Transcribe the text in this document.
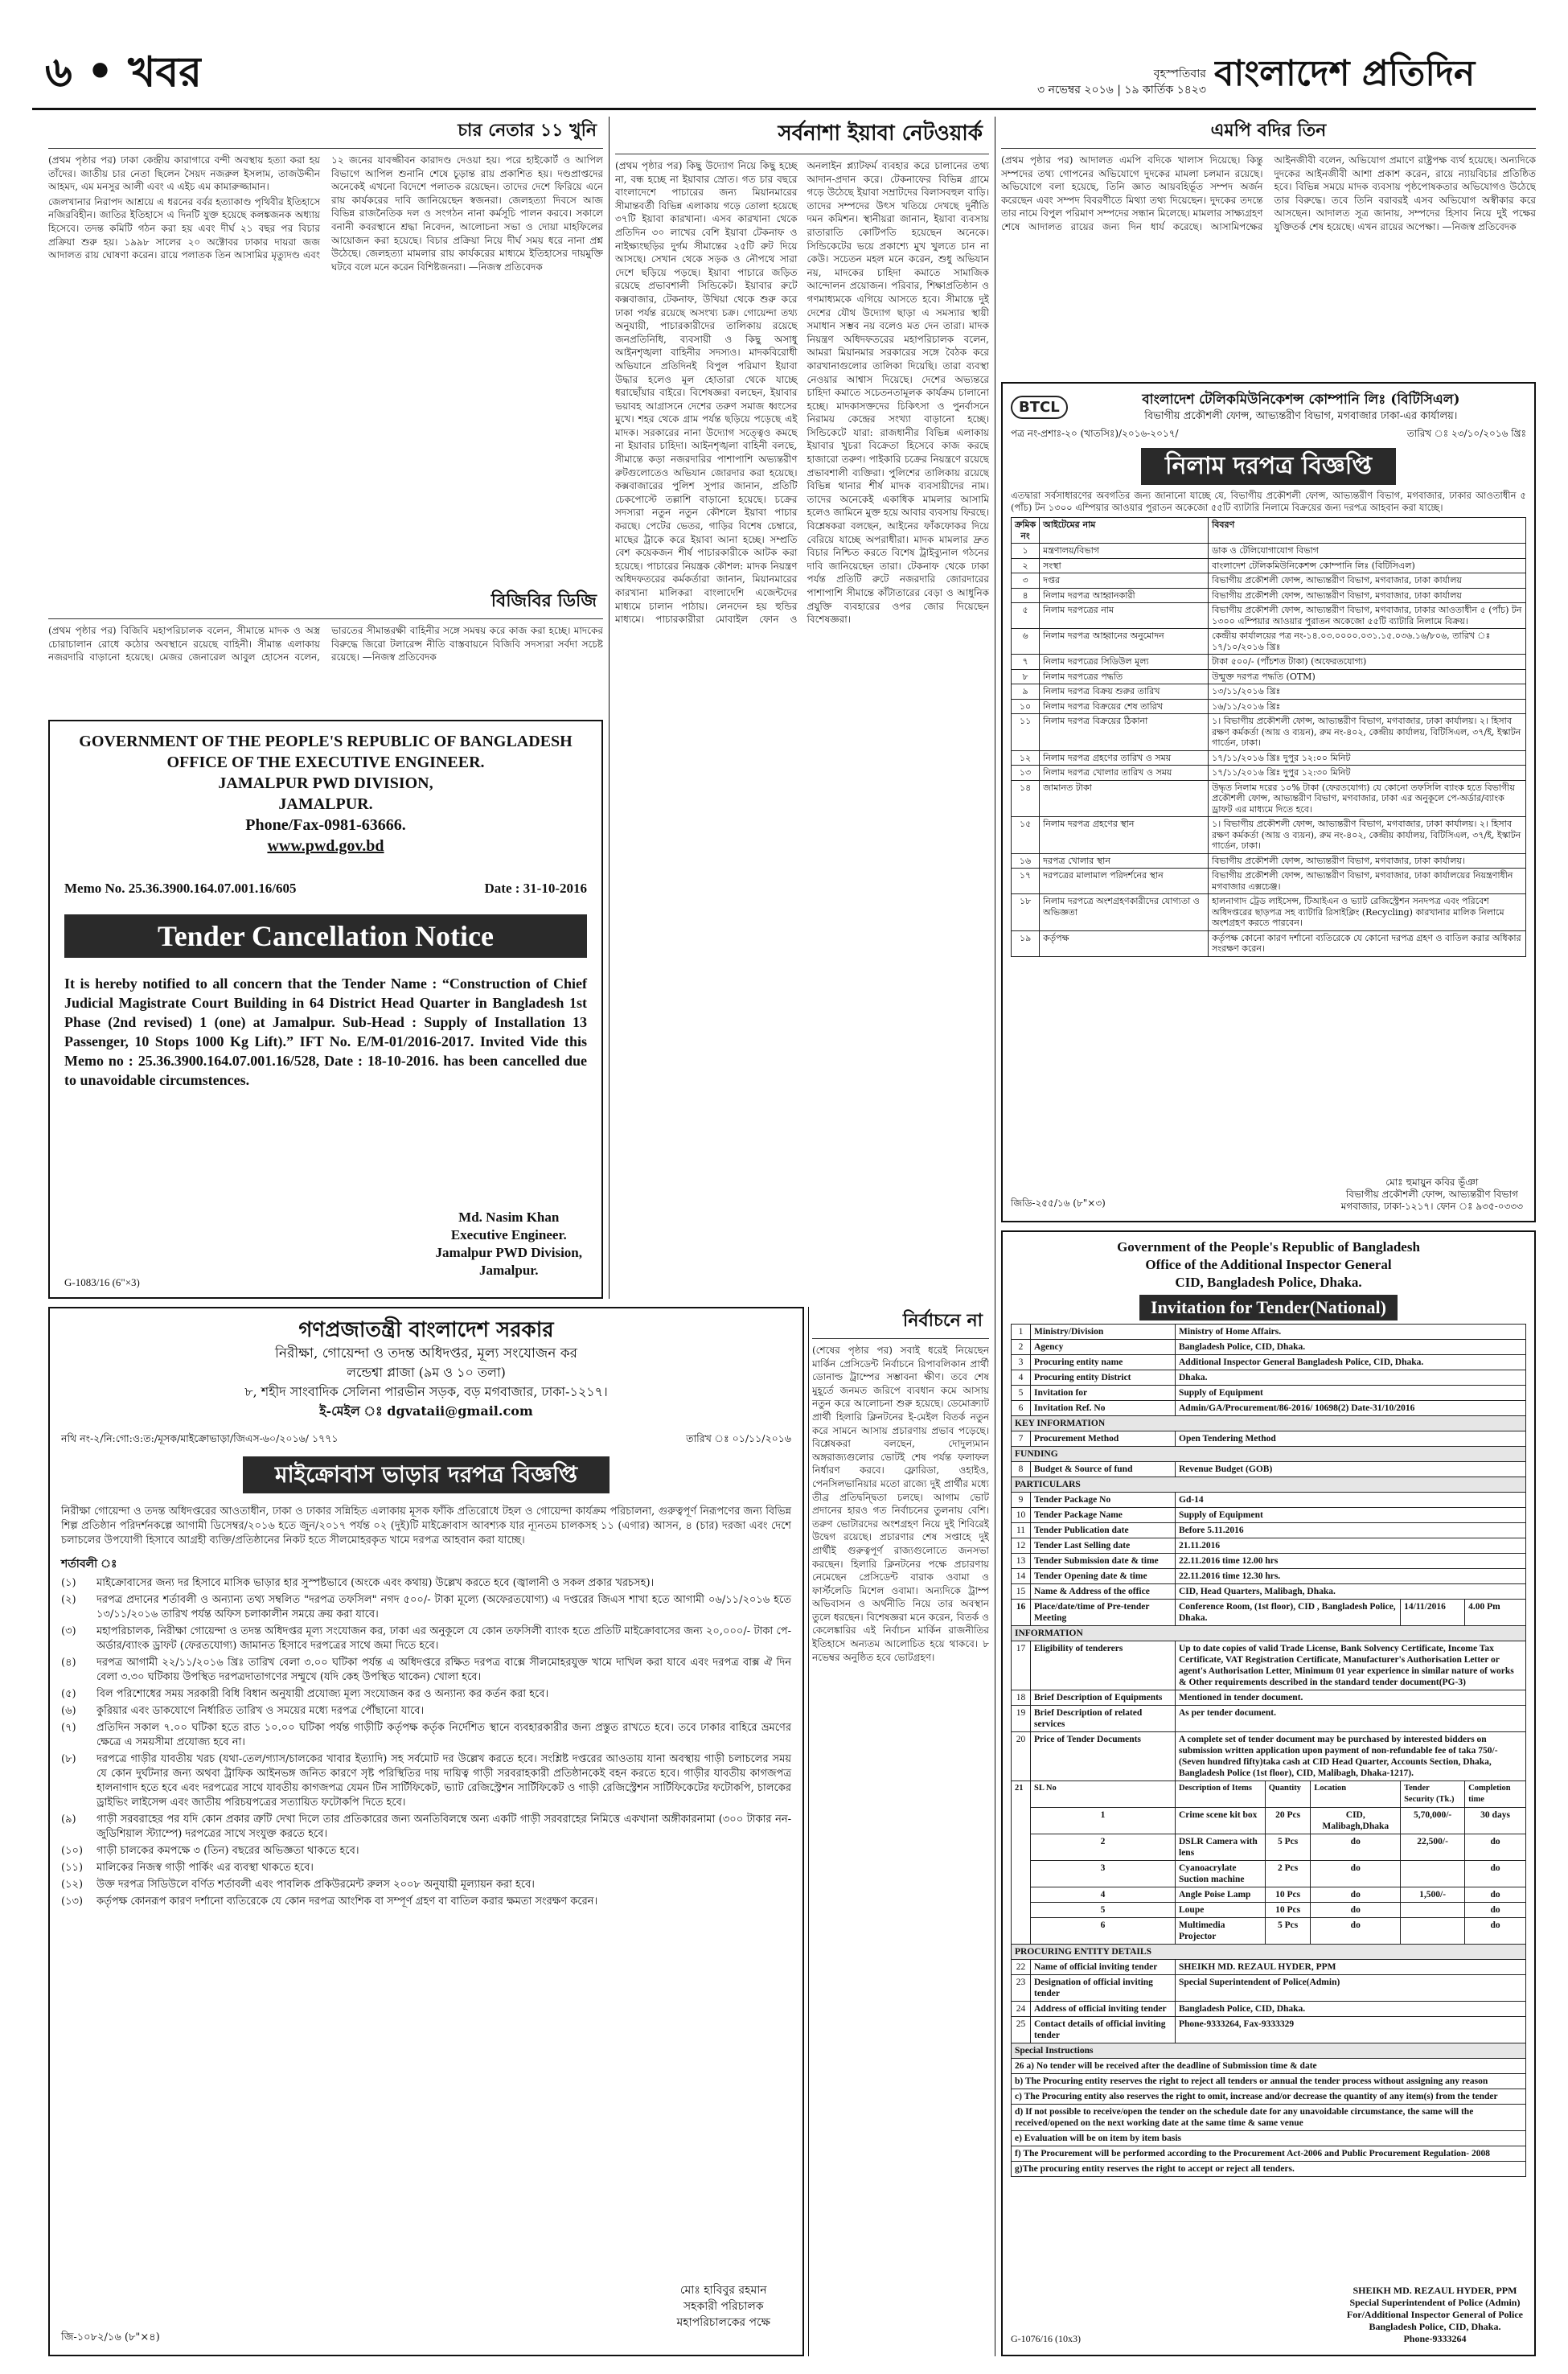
৬ • খবর	বৃহস্পতিবার
৩ নভেম্বর ২০১৬ | ১৯ কার্তিক ১৪২৩ বাংলাদেশ প্রতিদিন
চার নেতার ১১ খুনি

(প্রথম পৃষ্ঠার পর) ঢাকা কেন্দ্রীয় কারাগারে বন্দী অবস্থায় হত্যা করা হয় তাঁদের। জাতীয় চার নেতা ছিলেন সৈয়দ নজরুল ইসলাম, তাজউদ্দীন আহমদ, এম মনসুর আলী এবং এ এইচ এম কামারুজ্জামান।

জেলখানার নিরাপদ আশ্রয়ে এ ধরনের বর্বর হত্যাকাণ্ড পৃথিবীর ইতিহাসে নজিরবিহীন। জাতির ইতিহাসে এ দিনটি যুক্ত হয়েছে কলঙ্কজনক অধ্যায় হিসেবে। তদন্ত কমিটি গঠন করা হয় এবং দীর্ঘ ২১ বছর পর বিচার প্রক্রিয়া শুরু হয়। ১৯৯৮ সালের ২০ অক্টোবর ঢাকার দায়রা জজ আদালত রায় ঘোষণা করেন। রায়ে পলাতক তিন আসামির মৃত্যুদণ্ড এবং ১২ জনের যাবজ্জীবন কারাদণ্ড দেওয়া হয়। পরে হাইকোর্ট ও আপিল বিভাগে আপিল শুনানি শেষে চূড়ান্ত রায় প্রকাশিত হয়। দণ্ডপ্রাপ্তদের অনেকেই এখনো বিদেশে পলাতক রয়েছেন। তাদের দেশে ফিরিয়ে এনে রায় কার্যকরের দাবি জানিয়েছেন স্বজনরা। জেলহত্যা দিবসে আজ বিভিন্ন রাজনৈতিক দল ও সংগঠন নানা কর্মসূচি পালন করবে। সকালে বনানী কবরস্থানে শ্রদ্ধা নিবেদন, আলোচনা সভা ও দোয়া মাহফিলের আয়োজন করা হয়েছে। বিচার প্রক্রিয়া নিয়ে দীর্ঘ সময় ধরে নানা প্রশ্ন উঠেছে। জেলহত্যা মামলার রায় কার্যকরের মাধ্যমে ইতিহাসের দায়মুক্তি ঘটবে বলে মনে করেন বিশিষ্টজনরা। —নিজস্ব প্রতিবেদক

বিজিবির ডিজি

(প্রথম পৃষ্ঠার পর) বিজিবি মহাপরিচালক বলেন, সীমান্তে মাদক ও অস্ত্র চোরাচালান রোধে কঠোর অবস্থানে রয়েছে বাহিনী। সীমান্ত এলাকায় নজরদারি বাড়ানো হয়েছে। মেজর জেনারেল আবুল হোসেন বলেন, ভারতের সীমান্তরক্ষী বাহিনীর সঙ্গে সমন্বয় করে কাজ করা হচ্ছে। মাদকের বিরুদ্ধে জিরো টলারেন্স নীতি বাস্তবায়নে বিজিবি সদস্যরা সর্বদা সচেষ্ট রয়েছে। —নিজস্ব প্রতিবেদক

GOVERNMENT OF THE PEOPLE'S REPUBLIC OF BANGLADESH
OFFICE OF THE EXECUTIVE ENGINEER.
JAMALPUR PWD DIVISION,
JAMALPUR.
Phone/Fax-0981-63666.
www.pwd.gov.bd
Memo No. 25.36.3900.164.07.001.16/605	Date : 31-10-2016
Tender Cancellation Notice
It is hereby notified to all concern that the Tender Name : “Construction of Chief Judicial Magistrate Court Building in 64 District Head Quarter in Bangladesh 1st Phase (2nd revised) 1 (one) at Jamalpur. Sub-Head : Supply of Installation 13 Passenger, 10 Stops 1000 Kg Lift).” IFT No. E/M-01/2016-2017. Invited Vide this Memo no : 25.36.3900.164.07.001.16/528, Date : 18-10-2016. has been cancelled due to unavoidable circumstences.
Md. Nasim Khan
Executive Engineer.
Jamalpur PWD Division,
Jamalpur.
G-1083/16 (6"×3)
গণপ্রজাতন্ত্রী বাংলাদেশ সরকার
নিরীক্ষা, গোয়েন্দা ও তদন্ত অধিদপ্তর, মূল্য সংযোজন কর
লন্ডেশ্বা প্লাজা (৯ম ও ১০ তলা)
৮, শহীদ সাংবাদিক সেলিনা পারভীন সড়ক, বড় মগবাজার, ঢাকা-১২১৭।
ই-মেইল ঃ dgvataii@gmail.com
নথি নং-২/নি:গো:ও:ত:/মূসক/মাইক্রোভাড়া/জিএস-৬০/২০১৬/ ১৭৭১	তারিখ ঃ ০১/১১/২০১৬
মাইক্রোবাস ভাড়ার দরপত্র বিজ্ঞপ্তি
নিরীক্ষা গোয়েন্দা ও তদন্ত অধিদপ্তরের আওতাধীন, ঢাকা ও ঢাকার সন্নিহিত এলাকায় মূসক ফাঁকি প্রতিরোধে টহল ও গোয়েন্দা কার্যক্রম পরিচালনা, গুরুত্বপূর্ণ নিরূপণের জন্য বিভিন্ন শিল্প প্রতিষ্ঠান পরিদর্শনকল্পে আগামী ডিসেম্বর/২০১৬ হতে জুন/২০১৭ পর্যন্ত ০২ (দুই)টি মাইক্রোবাস আবশ্যক যার ন্যূনতম চালকসহ ১১ (এগার) আসন, ৪ (চার) দরজা এবং দেশে চলাচলের উপযোগী হিসাবে আগ্রহী ব্যক্তি/প্রতিষ্ঠানের নিকট হতে সীলমোহরকৃত খামে দরপত্র আহবান করা যাচ্ছে।
শর্তাবলী ঃ
(১)	মাইক্রোবাসের জন্য দর হিসাবে মাসিক ভাড়ার হার সুস্পষ্টভাবে (অংকে এবং কথায়) উল্লেখ করতে হবে (জ্বালানী ও সকল প্রকার খরচসহ)।
(২)	দরপত্র প্রদানের শর্তাবলী ও অন্যান্য তথ্য সম্বলিত "দরপত্র তফসিল" নগদ ৫০০/- টাকা মূল্যে (অফেরতযোগ্য) এ দপ্তরের জিএস শাখা হতে আগামী ০৬/১১/২০১৬ হতে ১৩/১১/২০১৬ তারিখ পর্যন্ত অফিস চলাকালীন সময়ে ক্রয় করা যাবে।
(৩)	মহাপরিচালক, নিরীক্ষা গোয়েন্দা ও তদন্ত অধিদপ্তর মূল্য সংযোজন কর, ঢাকা এর অনুকূলে যে কোন তফসিলী ব্যাংক হতে প্রতিটি মাইক্রোবাসের জন্য ২০,০০০/- টাকা পে-অর্ডার/ব্যাংক ড্রাফট (ফেরতযোগ্য) জামানত হিসাবে দরপত্রের সাথে জমা দিতে হবে।
(৪)	দরপত্র আগামী ২২/১১/২০১৬ খ্রিঃ তারিখ বেলা ৩.০০ ঘটিকা পর্যন্ত এ অধিদপ্তরে রক্ষিত দরপত্র বাক্সে সীলমোহরযুক্ত খামে দাখিল করা যাবে এবং দরপত্র বাক্স ঐ দিন বেলা ৩.৩০ ঘটিকায় উপস্থিত দরপত্রদাতাগণের সম্মুখে (যদি কেহ উপস্থিত থাকেন) খোলা হবে।
(৫)	বিল পরিশোধের সময় সরকারী বিধি বিধান অনুযায়ী প্রযোজ্য মূল্য সংযোজন কর ও অন্যান্য কর কর্তন করা হবে।
(৬)	কুরিয়ার এবং ডাকযোগে নির্ধারিত তারিখ ও সময়ের মধ্যে দরপত্র পৌঁছানো যাবে।
(৭)	প্রতিদিন সকাল ৭.০০ ঘটিকা হতে রাত ১০.০০ ঘটিকা পর্যন্ত গাড়ীটি কর্তৃপক্ষ কর্তৃক নির্দেশিত স্থানে ব্যবহারকারীর জন্য প্রস্তুত রাখতে হবে। তবে ঢাকার বাহিরে ভ্রমণের ক্ষেত্রে এ সময়সীমা প্রযোজ্য হবে না।
(৮)	দরপত্রে গাড়ীর যাবতীয় খরচ (যথা-তেল/গ্যাস/চালকের খাবার ইত্যাদি) সহ সর্বমোট দর উল্লেখ করতে হবে। সংশ্লিষ্ট দপ্তরের আওতায় যানা অবস্থায় গাড়ী চলাচলের সময় যে কোন দুর্ঘটনার জন্য অথবা ট্রাফিক আইনভঙ্গ জনিত কারণে সৃষ্ট পরিস্থিতির দায় দায়িত্ব গাড়ী সরবরাহকারী প্রতিষ্ঠানকেই বহন করতে হবে। গাড়ীর যাবতীয় কাগজপত্র হালনাগাদ হতে হবে এবং দরপত্রের সাথে যাবতীয় কাগজপত্র যেমন টিন সার্টিফিকেট, ভ্যাট রেজিস্ট্রেশন সার্টিফিকেট ও গাড়ী রেজিস্ট্রেশন সার্টিফিকেটের ফটোকপি, চালকের ড্রাইভিং লাইসেন্স এবং জাতীয় পরিচয়পত্রের সত্যায়িত ফটোকপি দিতে হবে।
(৯)	গাড়ী সরবরাহের পর যদি কোন প্রকার ত্রুটি দেখা দিলে তার প্রতিকারের জন্য অনতিবিলম্বে অন্য একটি গাড়ী সরবরাহের নিমিত্তে একখানা অঙ্গীকারনামা (৩০০ টাকার নন-জুডিশিয়াল স্ট্যাম্পে) দরপত্রের সাথে সংযুক্ত করতে হবে।
(১০)	গাড়ী চালকের কমপক্ষে ৩ (তিন) বছরের অভিজ্ঞতা থাকতে হবে।
(১১)	মালিকের নিজস্ব গাড়ী পার্কিং এর ব্যবস্থা থাকতে হবে।
(১২)	উক্ত দরপত্র সিডিউলে বর্ণিত শর্তাবলী এবং পাবলিক প্রকিউরমেন্ট রুলস ২০০৮ অনুযায়ী মূল্যায়ন করা হবে।
(১৩)	কর্তৃপক্ষ কোনরূপ কারণ দর্শানো ব্যতিরেকে যে কোন দরপত্র আংশিক বা সম্পূর্ণ গ্রহণ বা বাতিল করার ক্ষমতা সংরক্ষণ করেন।
মোঃ হাবিবুর রহমান
সহকারী পরিচালক
মহাপরিচালকের পক্ষে
জি-১০৮২/১৬ (৮"×৪)
সর্বনাশা ইয়াবা নেটওয়ার্ক

(প্রথম পৃষ্ঠার পর) কিছু উদ্যোগ নিয়ে কিছু হচ্ছে না, বন্ধ হচ্ছে না ইয়াবার স্রোত। গত চার বছরে বাংলাদেশে পাচারের জন্য মিয়ানমারের সীমান্তবর্তী বিভিন্ন এলাকায় গড়ে তোলা হয়েছে ৩৭টি ইয়াবা কারখানা। এসব কারখানা থেকে প্রতিদিন ৩০ লাখের বেশি ইয়াবা টেকনাফ ও নাইক্ষ্যংছড়ির দুর্গম সীমান্তের ২৫টি রুট দিয়ে আসছে। সেখান থেকে সড়ক ও নৌপথে সারা দেশে ছড়িয়ে পড়ছে। ইয়াবা পাচারে জড়িত রয়েছে প্রভাবশালী সিন্ডিকেট। ইয়াবার রুটে কক্সবাজার, টেকনাফ, উখিয়া থেকে শুরু করে ঢাকা পর্যন্ত রয়েছে অসংখ্য চক্র। গোয়েন্দা তথ্য অনুযায়ী, পাচারকারীদের তালিকায় রয়েছে জনপ্রতিনিধি, ব্যবসায়ী ও কিছু অসাধু আইনশৃঙ্খলা বাহিনীর সদস্যও। মাদকবিরোধী অভিযানে প্রতিদিনই বিপুল পরিমাণ ইয়াবা উদ্ধার হলেও মূল হোতারা থেকে যাচ্ছে ধরাছোঁয়ার বাইরে। বিশেষজ্ঞরা বলছেন, ইয়াবার ভয়াবহ আগ্রাসনে দেশের তরুণ সমাজ ধ্বংসের মুখে। শহর থেকে গ্রাম পর্যন্ত ছড়িয়ে পড়েছে এই মাদক। সরকারের নানা উদ্যোগ সত্ত্বেও কমছে না ইয়াবার চাহিদা। আইনশৃঙ্খলা বাহিনী বলছে, সীমান্তে কড়া নজরদারির পাশাপাশি অভ্যন্তরীণ রুটগুলোতেও অভিযান জোরদার করা হয়েছে। কক্সবাজারের পুলিশ সুপার জানান, প্রতিটি চেকপোস্টে তল্লাশি বাড়ানো হয়েছে। চক্রের সদস্যরা নতুন নতুন কৌশলে ইয়াবা পাচার করছে। পেটের ভেতর, গাড়ির বিশেষ চেম্বারে, মাছের ট্রাকে করে ইয়াবা আনা হচ্ছে। সম্প্রতি বেশ কয়েকজন শীর্ষ পাচারকারীকে আটক করা হয়েছে। পাচারের নিয়ন্ত্রক কৌশল: মাদক নিয়ন্ত্রণ অধিদফতরের কর্মকর্তারা জানান, মিয়ানমারের কারখানা মালিকরা বাংলাদেশি এজেন্টদের মাধ্যমে চালান পাঠায়। লেনদেন হয় হুন্ডির মাধ্যমে। পাচারকারীরা মোবাইল ফোন ও অনলাইন প্ল্যাটফর্ম ব্যবহার করে চালানের তথ্য আদান-প্রদান করে। টেকনাফের বিভিন্ন গ্রামে গড়ে উঠেছে ইয়াবা সম্রাটদের বিলাসবহুল বাড়ি। তাদের সম্পদের উৎস খতিয়ে দেখছে দুর্নীতি দমন কমিশন। স্থানীয়রা জানান, ইয়াবা ব্যবসায় রাতারাতি কোটিপতি হয়েছেন অনেকে। সিন্ডিকেটের ভয়ে প্রকাশ্যে মুখ খুলতে চান না কেউ। সচেতন মহল মনে করেন, শুধু অভিযান নয়, মাদকের চাহিদা কমাতে সামাজিক আন্দোলন প্রয়োজন। পরিবার, শিক্ষাপ্রতিষ্ঠান ও গণমাধ্যমকে এগিয়ে আসতে হবে। সীমান্তে দুই দেশের যৌথ উদ্যোগ ছাড়া এ সমস্যার স্থায়ী সমাধান সম্ভব নয় বলেও মত দেন তারা। মাদক নিয়ন্ত্রণ অধিদফতরের মহাপরিচালক বলেন, আমরা মিয়ানমার সরকারের সঙ্গে বৈঠক করে কারখানাগুলোর তালিকা দিয়েছি। তারা ব্যবস্থা নেওয়ার আশ্বাস দিয়েছে। দেশের অভ্যন্তরে চাহিদা কমাতে সচেতনতামূলক কার্যক্রম চালানো হচ্ছে। মাদকাসক্তদের চিকিৎসা ও পুনর্বাসনে নিরাময় কেন্দ্রের সংখ্যা বাড়ানো হচ্ছে। সিন্ডিকেটে যারা: রাজধানীর বিভিন্ন এলাকায় ইয়াবার খুচরা বিক্রেতা হিসেবে কাজ করছে হাজারো তরুণ। পাইকারি চক্রের নিয়ন্ত্রণে রয়েছে প্রভাবশালী ব্যক্তিরা। পুলিশের তালিকায় রয়েছে বিভিন্ন থানার শীর্ষ মাদক ব্যবসায়ীদের নাম। তাদের অনেকেই একাধিক মামলার আসামি হলেও জামিনে মুক্ত হয়ে আবার ব্যবসায় ফিরছে। বিশ্লেষকরা বলছেন, আইনের ফাঁকফোকর দিয়ে বেরিয়ে যাচ্ছে অপরাধীরা। মাদক মামলার দ্রুত বিচার নিশ্চিত করতে বিশেষ ট্রাইব্যুনাল গঠনের দাবি জানিয়েছেন তারা। টেকনাফ থেকে ঢাকা পর্যন্ত প্রতিটি রুটে নজরদারি জোরদারের পাশাপাশি সীমান্তে কাঁটাতারের বেড়া ও আধুনিক প্রযুক্তি ব্যবহারের ওপর জোর দিয়েছেন বিশেষজ্ঞরা।

নির্বাচনে না

(শেষের পৃষ্ঠার পর) সবাই ধরেই নিয়েছেন মার্কিন প্রেসিডেন্ট নির্বাচনে রিপাবলিকান প্রার্থী ডোনাল্ড ট্রাম্পের সম্ভাবনা ক্ষীণ। তবে শেষ মুহূর্তে জনমত জরিপে ব্যবধান কমে আসায় নতুন করে আলোচনা শুরু হয়েছে। ডেমোক্র্যাট প্রার্থী হিলারি ক্লিনটনের ই-মেইল বিতর্ক নতুন করে সামনে আসায় প্রচারণায় প্রভাব পড়েছে। বিশ্লেষকরা বলছেন, দোদুল্যমান অঙ্গরাজ্যগুলোর ভোটই শেষ পর্যন্ত ফলাফল নির্ধারণ করবে। ফ্লোরিডা, ওহাইও, পেনসিলভানিয়ার মতো রাজ্যে দুই প্রার্থীর মধ্যে তীব্র প্রতিদ্বন্দ্বিতা চলছে। আগাম ভোট প্রদানের হারও গত নির্বাচনের তুলনায় বেশি। তরুণ ভোটারদের অংশগ্রহণ নিয়ে দুই শিবিরেই উদ্বেগ রয়েছে। প্রচারণার শেষ সপ্তাহে দুই প্রার্থীই গুরুত্বপূর্ণ রাজ্যগুলোতে জনসভা করছেন। হিলারি ক্লিনটনের পক্ষে প্রচারণায় নেমেছেন প্রেসিডেন্ট বারাক ওবামা ও ফার্স্টলেডি মিশেল ওবামা। অন্যদিকে ট্রাম্প অভিবাসন ও অর্থনীতি নিয়ে তার অবস্থান তুলে ধরছেন। বিশেষজ্ঞরা মনে করেন, বিতর্ক ও কেলেঙ্কারির এই নির্বাচন মার্কিন রাজনীতির ইতিহাসে অন্যতম আলোচিত হয়ে থাকবে। ৮ নভেম্বর অনুষ্ঠিত হবে ভোটগ্রহণ।

এমপি বদির তিন

(প্রথম পৃষ্ঠার পর) আদালত এমপি বদিকে খালাস দিয়েছে। কিন্তু সম্পদের তথ্য গোপনের অভিযোগে দুদকের মামলা চলমান রয়েছে। অভিযোগে বলা হয়েছে, তিনি জ্ঞাত আয়বহির্ভূত সম্পদ অর্জন করেছেন এবং সম্পদ বিবরণীতে মিথ্যা তথ্য দিয়েছেন। দুদকের তদন্তে তার নামে বিপুল পরিমাণ সম্পদের সন্ধান মিলেছে। মামলার সাক্ষ্যগ্রহণ শেষে আদালত রায়ের জন্য দিন ধার্য করেছে। আসামিপক্ষের আইনজীবী বলেন, অভিযোগ প্রমাণে রাষ্ট্রপক্ষ ব্যর্থ হয়েছে। অন্যদিকে দুদকের আইনজীবী আশা প্রকাশ করেন, রায়ে ন্যায়বিচার প্রতিষ্ঠিত হবে। বিভিন্ন সময়ে মাদক ব্যবসায় পৃষ্ঠপোষকতার অভিযোগও উঠেছে তার বিরুদ্ধে। তবে তিনি বরাবরই এসব অভিযোগ অস্বীকার করে আসছেন। আদালত সূত্র জানায়, সম্পদের হিসাব নিয়ে দুই পক্ষের যুক্তিতর্ক শেষ হয়েছে। এখন রায়ের অপেক্ষা। —নিজস্ব প্রতিবেদক

BTCL	বাংলাদেশ টেলিকমিউনিকেশন্স কোম্পানি লিঃ (বিটিসিএল)
বিভাগীয় প্রকৌশলী ফোন্স, আভ্যন্তরীণ বিভাগ, মগবাজার ঢাকা-এর কার্যালয়।
পত্র নং-প্রশাঃ-২০ (খাতসিঃ)/২০১৬-২০১৭/	তারিখ ঃ ২৩/১০/২০১৬ খ্রিঃ
নিলাম দরপত্র বিজ্ঞপ্তি
এতদ্বারা সর্বসাধারণের অবগতির জন্য জানানো যাচ্ছে যে, বিভাগীয় প্রকৌশলী ফোন্স, আভ্যন্তরীণ বিভাগ, মগবাজার, ঢাকার আওতাধীন ৫ (পাঁচ) টন ১৩০০ এম্পিয়ার আওয়ার পুরাতন অকেজো ৫৫টি ব্যাটারি নিলামে বিক্রয়ের জন্য দরপত্র আহবান করা যাচ্ছে।
ক্রমিক নং	আইটেমের নাম	বিবরণ
১	মন্ত্রণালয়/বিভাগ	ডাক ও টেলিযোগাযোগ বিভাগ
২	সংস্থা	বাংলাদেশ টেলিকমিউনিকেশন্স কোম্পানি লিঃ (বিটিসিএল)
৩	দপ্তর	বিভাগীয় প্রকৌশলী ফোন্স, আভ্যন্তরীণ বিভাগ, মগবাজার, ঢাকা কার্যালয়
৪	নিলাম দরপত্র আহ্বানকারী	বিভাগীয় প্রকৌশলী ফোন্স, আভ্যন্তরীণ বিভাগ, মগবাজার, ঢাকা কার্যালয়
৫	নিলাম দরপত্রের নাম	বিভাগীয় প্রকৌশলী ফোন্স, আভ্যন্তরীণ বিভাগ, মগবাজার, ঢাকার আওতাধীন ৫ (পাঁচ) টন ১৩০০ এম্পিয়ার আওয়ার পুরাতন অকেজো ৫৫টি ব্যাটারি নিলামে বিক্রয়।
৬	নিলাম দরপত্র আহ্বানের অনুমোদন	কেন্দ্রীয় কার্যালয়ের পত্র নং-১৪.০৩.০০০০.০৩১.১৫.০৩৬.১৬/৮০৬, তারিখ ঃ ১৭/১০/২০১৬ খ্রিঃ
৭	নিলাম দরপত্রের সিডিউল মূল্য	টাকা ৫০০/- (পাঁচশত টাকা) (অফেরতযোগ্য)
৮	নিলাম দরপত্রের পদ্ধতি	উন্মুক্ত দরপত্র পদ্ধতি (OTM)
৯	নিলাম দরপত্র বিক্রয় শুরুর তারিখ	১৩/১১/২০১৬ খ্রিঃ
১০	নিলাম দরপত্র বিক্রয়ের শেষ তারিখ	১৬/১১/২০১৬ খ্রিঃ
১১	নিলাম দরপত্র বিক্রয়ের ঠিকানা	১। বিভাগীয় প্রকৌশলী ফোন্স, আভ্যন্তরীণ বিভাগ, মগবাজার, ঢাকা কার্যালয়। ২। হিসাব রক্ষণ কর্মকর্তা (আয় ও ব্যয়ন), রুম নং-৪০২, কেন্দ্রীয় কার্যালয়, বিটিসিএল, ৩৭/ই, ইস্কাটন গার্ডেন, ঢাকা।
১২	নিলাম দরপত্র গ্রহণের তারিখ ও সময়	১৭/১১/২০১৬ খ্রিঃ দুপুর ১২:০০ মিনিট
১৩	নিলাম দরপত্র খোলার তারিখ ও সময়	১৭/১১/২০১৬ খ্রিঃ দুপুর ১২:৩০ মিনিট
১৪	জামানত টাকা	উদ্ধৃত নিলাম দরের ১০% টাকা (ফেরতযোগ্য) যে কোনো তফসিলি ব্যাংক হতে বিভাগীয় প্রকৌশলী ফোন্স, আভ্যন্তরীণ বিভাগ, মগবাজার, ঢাকা এর অনুকূলে পে-অর্ডার/ব্যাংক ড্রাফট এর মাধ্যমে দিতে হবে।
১৫	নিলাম দরপত্র গ্রহণের স্থান	১। বিভাগীয় প্রকৌশলী ফোন্স, আভ্যন্তরীণ বিভাগ, মগবাজার, ঢাকা কার্যালয়। ২। হিসাব রক্ষণ কর্মকর্তা (আয় ও ব্যয়ন), রুম নং-৪০২, কেন্দ্রীয় কার্যালয়, বিটিসিএল, ৩৭/ই, ইস্কাটন গার্ডেন, ঢাকা।
১৬	দরপত্র খোলার স্থান	বিভাগীয় প্রকৌশলী ফোন্স, আভ্যন্তরীণ বিভাগ, মগবাজার, ঢাকা কার্যালয়।
১৭	দরপত্রের মালামাল পরিদর্শনের স্থান	বিভাগীয় প্রকৌশলী ফোন্স, আভ্যন্তরীণ বিভাগ, মগবাজার, ঢাকা কার্যালয়ের নিয়ন্ত্রণাধীন মগবাজার এক্সচেঞ্জ।
১৮	নিলাম দরপত্রে অংশগ্রহণকারীদের যোগ্যতা ও অভিজ্ঞতা	হালনাগাদ ট্রেড লাইসেন্স, টিআইএন ও ভ্যাট রেজিস্ট্রেশন সনদপত্র এবং পরিবেশ অধিদপ্তরের ছাড়পত্র সহ ব্যাটারি রিসাইক্লিং (Recycling) কারখানার মালিক নিলামে অংশগ্রহণ করতে পারবেন।
১৯	কর্তৃপক্ষ	কর্তৃপক্ষ কোনো কারণ দর্শানো ব্যতিরেকে যে কোনো দরপত্র গ্রহণ ও বাতিল করার অধিকার সংরক্ষণ করেন।
মোঃ হুমায়ুন কবির ভূঁঞা
বিভাগীয় প্রকৌশলী ফোন্স, আভ্যন্তরীণ বিভাগ
মগবাজার, ঢাকা-১২১৭। ফোন ঃ ৯৩৫-০৩৩৩
জিডি-২৫৫/১৬ (৮"×৩)
Government of the People's Republic of Bangladesh
Office of the Additional Inspector General
CID, Bangladesh Police, Dhaka.
Invitation for Tender(National)
1	Ministry/Division	Ministry of Home Affairs.				
2	Agency	Bangladesh Police, CID, Dhaka.				
3	Procuring entity name	Additional Inspector General Bangladesh Police, CID, Dhaka.				
4	Procuring entity District	Dhaka.				
5	Invitation for	Supply of Equipment				
6	Invitation Ref. No	Admin/GA/Procurement/86-2016/ 10698(2) Date-31/10/2016				
KEY INFORMATION						
7	Procurement Method	Open Tendering Method				
FUNDING						
8	Budget & Source of fund	Revenue Budget (GOB)				
PARTICULARS						
9	Tender Package No	Gd-14				
10	Tender Package Name	Supply of Equipment				
11	Tender Publication date	Before 5.11.2016				
12	Tender Last Selling date	21.11.2016				
13	Tender Submission date & time	22.11.2016 time 12.00 hrs				
14	Tender Opening date & time	22.11.2016 time 12.30 hrs.				
15	Name & Address of the office	CID, Head Quarters, Malibagh, Dhaka.				
16	Place/date/time of Pre-tender Meeting	Conference Room, (1st floor), CID , Bangladesh Police, Dhaka.			14/11/2016	4.00 Pm
INFORMATION						
17	Eligibility of tenderers	Up to date copies of valid Trade License, Bank Solvency Certificate, Income Tax Certificate, VAT Registration Certificate, Manufacturer's Authorisation Letter or agent's Authorisation Letter, Minimum 01 year experience in similar nature of works & Other requirements described in the standard tender document(PG-3)				
18	Brief Description of Equipments	Mentioned in tender document.				
19	Brief Description of related services	As per tender document.				
20	Price of Tender Documents	A complete set of tender document may be purchased by interested bidders on submission written application upon payment of non-refundable fee of taka 750/-(Seven hundred fifty)taka cash at CID Head Quarter, Accounts Section, Dhaka, Bangladesh Police (1st floor), CID, Malibagh, Dhaka-1217).				
21	SL No	Description of Items	Quantity	Location	Tender Security (Tk.)	Completion time
	1	Crime scene kit box	20 Pcs	CID, Malibagh,Dhaka	5,70,000/-	30 days
	2	DSLR Camera with lens	5 Pcs	do	22,500/-	do
	3	Cyanoacrylate Suction machine	2 Pcs	do		do
	4	Angle Poise Lamp	10 Pcs	do	1,500/-	do
	5	Loupe	10 Pcs	do		do
	6	Multimedia Projector	5 Pcs	do		do
PROCURING ENTITY DETAILS						
22	Name of official inviting tender	SHEIKH MD. REZAUL HYDER, PPM				
23	Designation of official inviting tender	Special Superintendent of Police(Admin)				
24	Address of official inviting tender	Bangladesh Police, CID, Dhaka.				
25	Contact details of official inviting tender	Phone-9333264, Fax-9333329				
Special Instructions						
26 a) No tender will be received after the deadline of Submission time & date						
b) The Procuring entity reserves the right to reject all tenders or annual the tender process without assigning any reason						
c) The Procuring entity also reserves the right to omit, increase and/or decrease the quantity of any item(s) from the tender						
d) If not possible to receive/open the tender on the schedule date for any unavoidable circumstance, the same will the received/opened on the next working date at the same time & same venue						
e) Evaluation will be on item by item basis						
f) The Procurement will be performed according to the Procurement Act-2006 and Public Procurement Regulation- 2008						
g)The procuring entity reserves the right to accept or reject all tenders.						
SHEIKH MD. REZAUL HYDER, PPM
Special Superintendent of Police (Admin)
For/Additional Inspector General of Police
Bangladesh Police, CID, Dhaka.
Phone-9333264
G-1076/16 (10x3)
